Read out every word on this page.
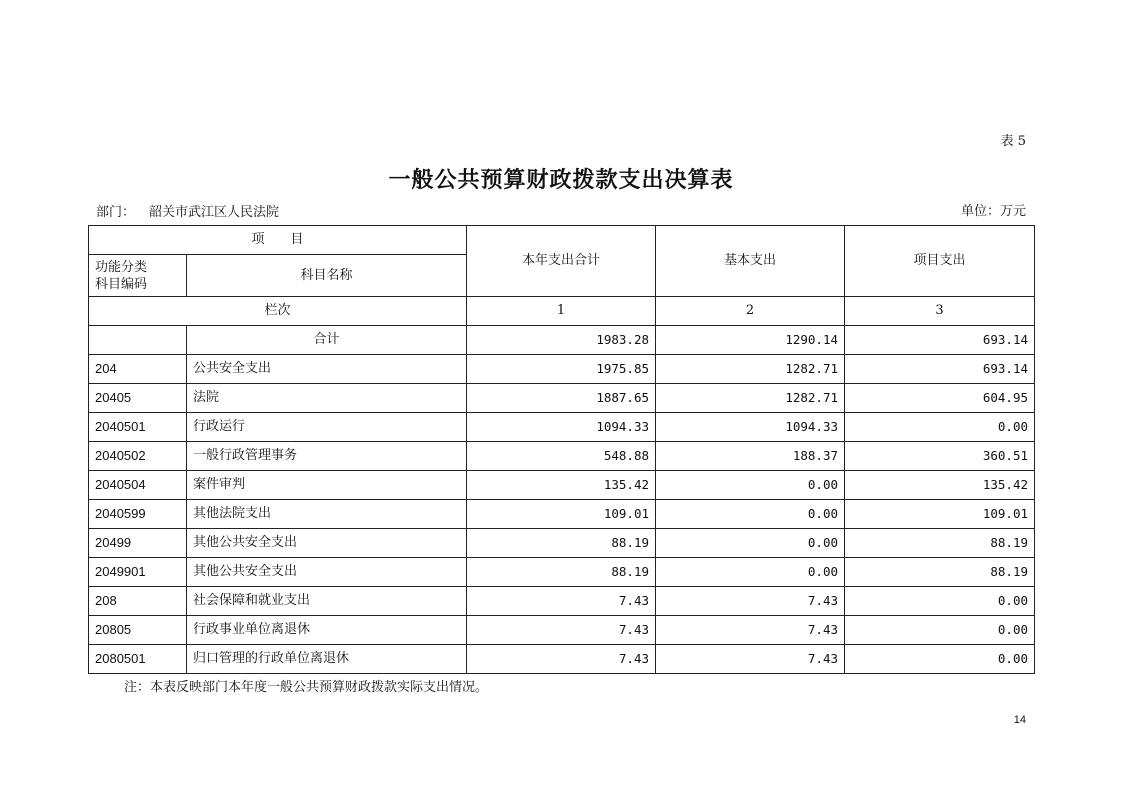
表 5
一般公共预算财政拨款支出决算表
部门： 韶关市武江区人民法院	单位：万元
项　　目		本年支出合计	基本支出	项目支出

功能分类
科目编码	科目名称			
栏次		1	2	3
	合计	1983.28	1290.14	693.14
204	公共安全支出	1975.85	1282.71	693.14
20405	法院	1887.65	1282.71	604.95
2040501	行政运行	1094.33	1094.33	0.00
2040502	一般行政管理事务	548.88	188.37	360.51
2040504	案件审判	135.42	0.00	135.42
2040599	其他法院支出	109.01	0.00	109.01
20499	其他公共安全支出	88.19	0.00	88.19
2049901	其他公共安全支出	88.19	0.00	88.19
208	社会保障和就业支出	7.43	7.43	0.00
20805	行政事业单位离退休	7.43	7.43	0.00
2080501	归口管理的行政单位离退休	7.43	7.43	0.00
注：本表反映部门本年度一般公共预算财政拨款实际支出情况。
14
